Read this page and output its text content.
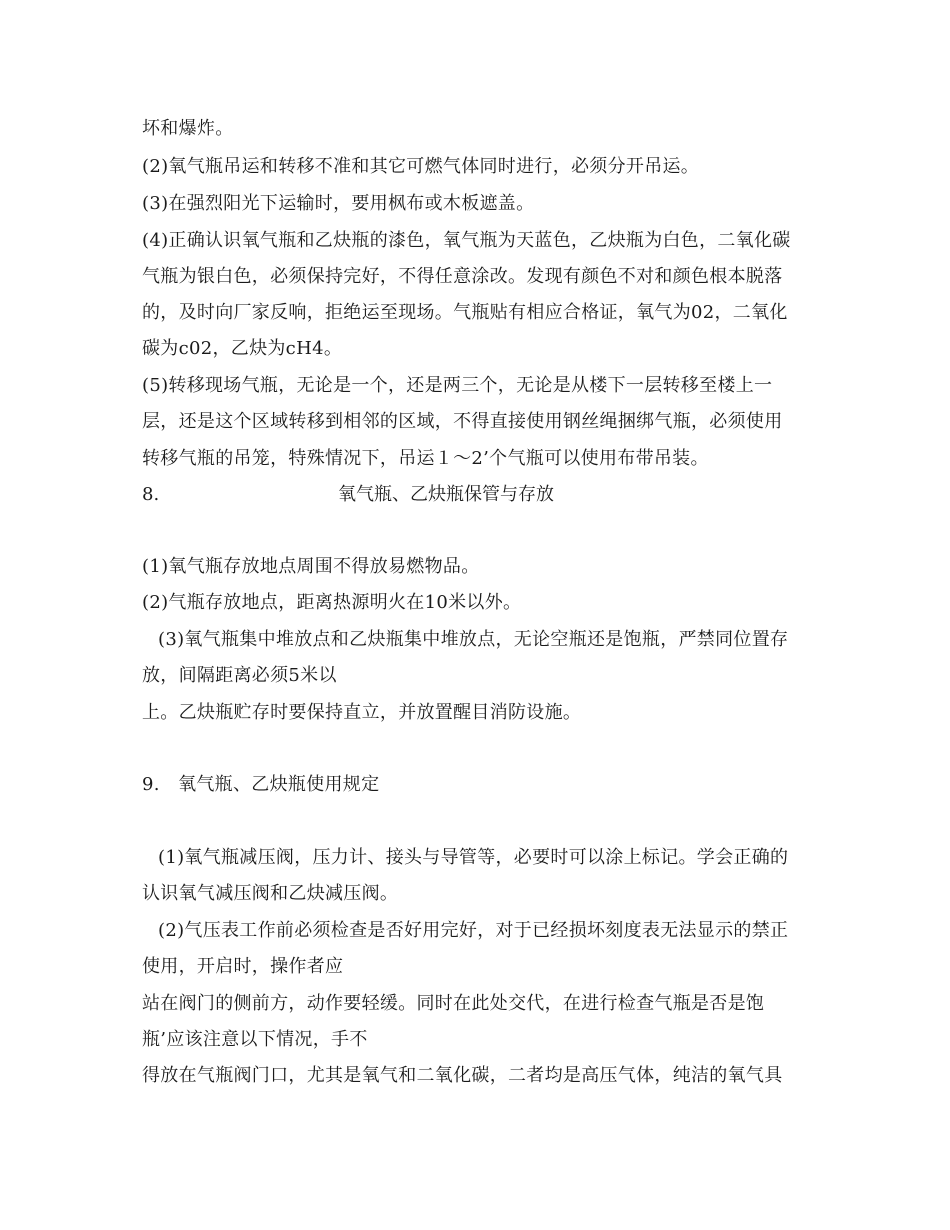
坏和爆炸。
(2)氧气瓶吊运和转移不准和其它可燃气体同时进行，必须分开吊运。
(3)在强烈阳光下运输时，要用枫布或木板遮盖。
(4)正确认识氧气瓶和乙炔瓶的漆色，氧气瓶为天蓝色，乙炔瓶为白色，二氧化碳
气瓶为银白色，必须保持完好，不得任意涂改。发现有颜色不对和颜色根本脱落
的，及时向厂家反响，拒绝运至现场。气瓶贴有相应合格证，氧气为02，二氧化
碳为c02，乙炔为cH4。
(5)转移现场气瓶，无论是一个，还是两三个，无论是从楼下一层转移至楼上一
层，还是这个区域转移到相邻的区域，不得直接使用钢丝绳捆绑气瓶，必须使用
转移气瓶的吊笼，特殊情况下，吊运１～2’个气瓶可以使用布带吊装。
8.	氧气瓶、乙炔瓶保管与存放
(1)氧气瓶存放地点周围不得放易燃物品。
(2)气瓶存放地点，距离热源明火在10米以外。
(3)氧气瓶集中堆放点和乙炔瓶集中堆放点，无论空瓶还是饱瓶，严禁同位置存
放，间隔距离必须5米以
上。乙炔瓶贮存时要保持直立，并放置醒目消防设施。
9.　氧气瓶、乙炔瓶使用规定
(1)氧气瓶减压阀，压力计、接头与导管等，必要时可以涂上标记。学会正确的
认识氧气减压阀和乙炔减压阀。
(2)气压表工作前必须检查是否好用完好，对于已经损坏刻度表无法显示的禁正
使用，开启时，操作者应
站在阀门的侧前方，动作要轻缓。同时在此处交代，在进行检查气瓶是否是饱
瓶’应该注意以下情况，手不
得放在气瓶阀门口，尤其是氧气和二氧化碳，二者均是高压气体，纯洁的氧气具
